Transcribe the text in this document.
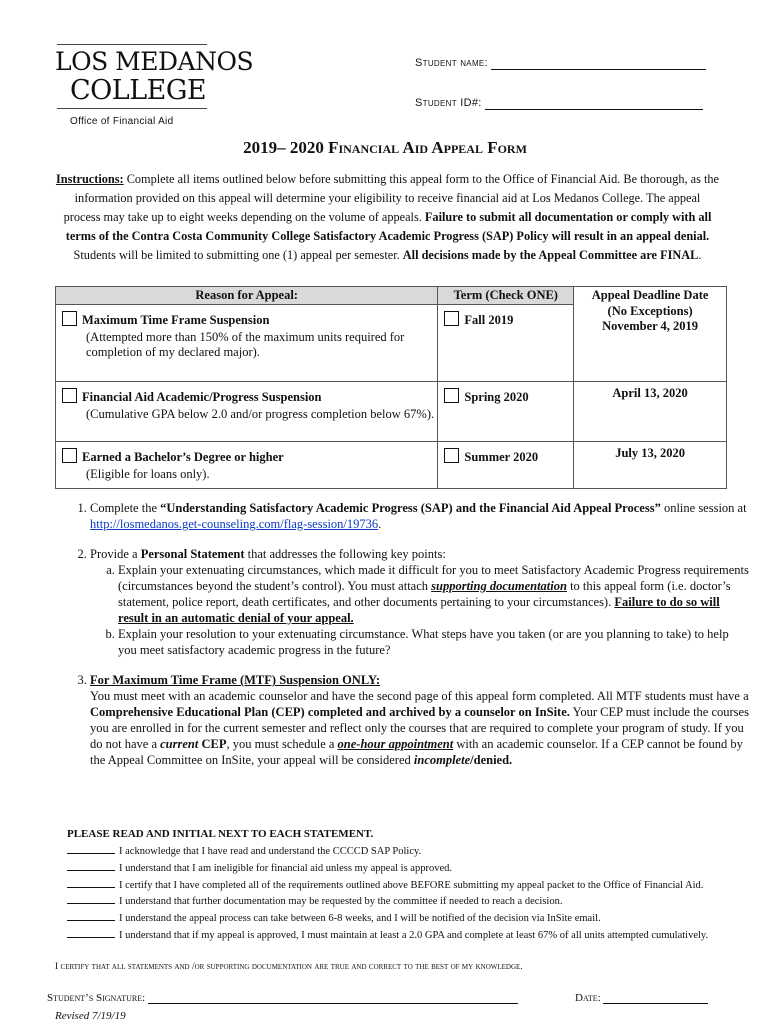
LOS MEDANOS
COLLEGE
Office of Financial Aid
Student name:
Student ID#:
2019– 2020 Financial Aid Appeal Form
Instructions: Complete all items outlined below before submitting this appeal form to the Office of Financial Aid. Be thorough, as the information provided on this appeal will determine your eligibility to receive financial aid at Los Medanos College. The appeal process may take up to eight weeks depending on the volume of appeals. Failure to submit all documentation or comply with all terms of the Contra Costa Community College Satisfactory Academic Progress (SAP) Policy will result in an appeal denial. Students will be limited to submitting one (1) appeal per semester. All decisions made by the Appeal Committee are FINAL.
Reason for Appeal:	Term (Check ONE)	Appeal Deadline Date
(No Exceptions)
November 4, 2019

Maximum Time Frame Suspension
(Attempted more than 150% of the maximum units required for completion of my declared major).	Fall 2019	

Financial Aid Academic/Progress Suspension
(Cumulative GPA below 2.0 and/or progress completion below 67%).	Spring 2020	April 13, 2020

Earned a Bachelor’s Degree or higher
(Eligible for loans only).	Summer 2020	July 13, 2020
1. Complete the “Understanding Satisfactory Academic Progress (SAP) and the Financial Aid Appeal Process” online session at http://losmedanos.get-counseling.com/flag-session/19736.
2. Provide a Personal Statement that addresses the following key points:
a. Explain your extenuating circumstances, which made it difficult for you to meet Satisfactory Academic Progress requirements (circumstances beyond the student’s control). You must attach supporting documentation to this appeal form (i.e. doctor’s statement, police report, death certificates, and other documents pertaining to your circumstances). Failure to do so will result in an automatic denial of your appeal.
b. Explain your resolution to your extenuating circumstance. What steps have you taken (or are you planning to take) to help you meet satisfactory academic progress in the future?
3. For Maximum Time Frame (MTF) Suspension ONLY:
You must meet with an academic counselor and have the second page of this appeal form completed. All MTF students must have a Comprehensive Educational Plan (CEP) completed and archived by a counselor on InSite. Your CEP must include the courses you are enrolled in for the current semester and reflect only the courses that are required to complete your program of study. If you do not have a current CEP, you must schedule a one-hour appointment with an academic counselor. If a CEP cannot be found by the Appeal Committee on InSite, your appeal will be considered incomplete/denied.
PLEASE READ AND INITIAL NEXT TO EACH STATEMENT.
I acknowledge that I have read and understand the CCCCD SAP Policy.
I understand that I am ineligible for financial aid unless my appeal is approved.
I certify that I have completed all of the requirements outlined above BEFORE submitting my appeal packet to the Office of Financial Aid.
I understand that further documentation may be requested by the committee if needed to reach a decision.
I understand the appeal process can take between 6-8 weeks, and I will be notified of the decision via InSite email.
I understand that if my appeal is approved, I must maintain at least a 2.0 GPA and complete at least 67% of all units attempted cumulatively.
I certify that all statements and /or supporting documentation are true and correct to the best of my knowledge.
Student’s Signature:	Date:
Revised 7/19/19
